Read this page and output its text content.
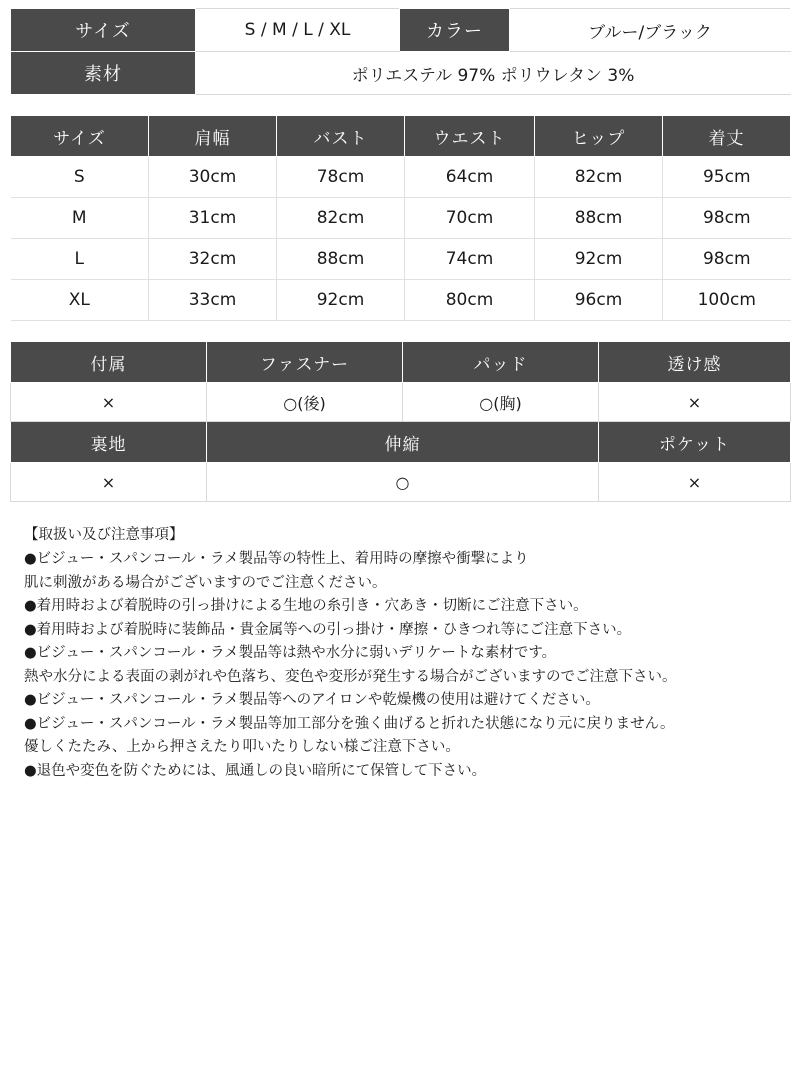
サイズ	S / M / L / XL	カラー	ブルー/ブラック
素材	ポリエステル 97% ポリウレタン 3%		
サイズ	肩幅	バスト	ウエスト	ヒップ	着丈
S	30cm	78cm	64cm	82cm	95cm
M	31cm	82cm	70cm	88cm	98cm
L	32cm	88cm	74cm	92cm	98cm
XL	33cm	92cm	80cm	96cm	100cm
付属	ファスナー	パッド	透け感
×	○(後)	○(胸)	×
裏地	伸縮		ポケット
×	○		×

【取扱い及び注意事項】

●ビジュー・スパンコール・ラメ製品等の特性上、着用時の摩擦や衝撃により

肌に刺激がある場合がございますのでご注意ください。

●着用時および着脱時の引っ掛けによる生地の糸引き・穴あき・切断にご注意下さい。

●着用時および着脱時に装飾品・貴金属等への引っ掛け・摩擦・ひきつれ等にご注意下さい。

●ビジュー・スパンコール・ラメ製品等は熱や水分に弱いデリケートな素材です。

熱や水分による表面の剥がれや色落ち、変色や変形が発生する場合がございますのでご注意下さい。

●ビジュー・スパンコール・ラメ製品等へのアイロンや乾燥機の使用は避けてください。

●ビジュー・スパンコール・ラメ製品等加工部分を強く曲げると折れた状態になり元に戻りません。

優しくたたみ、上から押さえたり叩いたりしない様ご注意下さい。

●退色や変色を防ぐためには、風通しの良い暗所にて保管して下さい。
